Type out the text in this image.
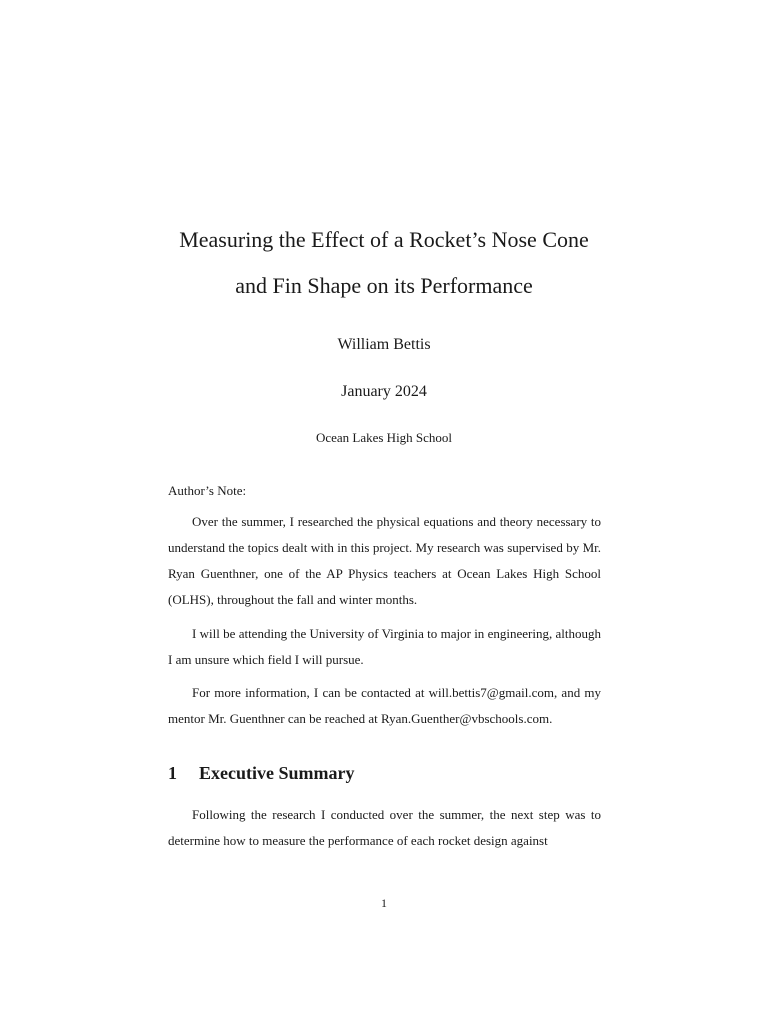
Measuring the Effect of a Rocket’s Nose Cone
and Fin Shape on its Performance

William Bettis

January 2024

Ocean Lakes High School

Author’s Note:

Over the summer, I researched the physical equations and theory necessary to understand the topics dealt with in this project. My research was supervised by Mr. Ryan Guenthner, one of the AP Physics teachers at Ocean Lakes High School (OLHS), throughout the fall and winter months.

I will be attending the University of Virginia to major in engineering, although I am unsure which field I will pursue.

For more information, I can be contacted at will.bettis7@gmail.com, and my mentor Mr. Guenthner can be reached at Ryan.Guenther@vbschools.com.

1 Executive Summary

Following the research I conducted over the summer, the next step was to determine how to measure the performance of each rocket design against

1
